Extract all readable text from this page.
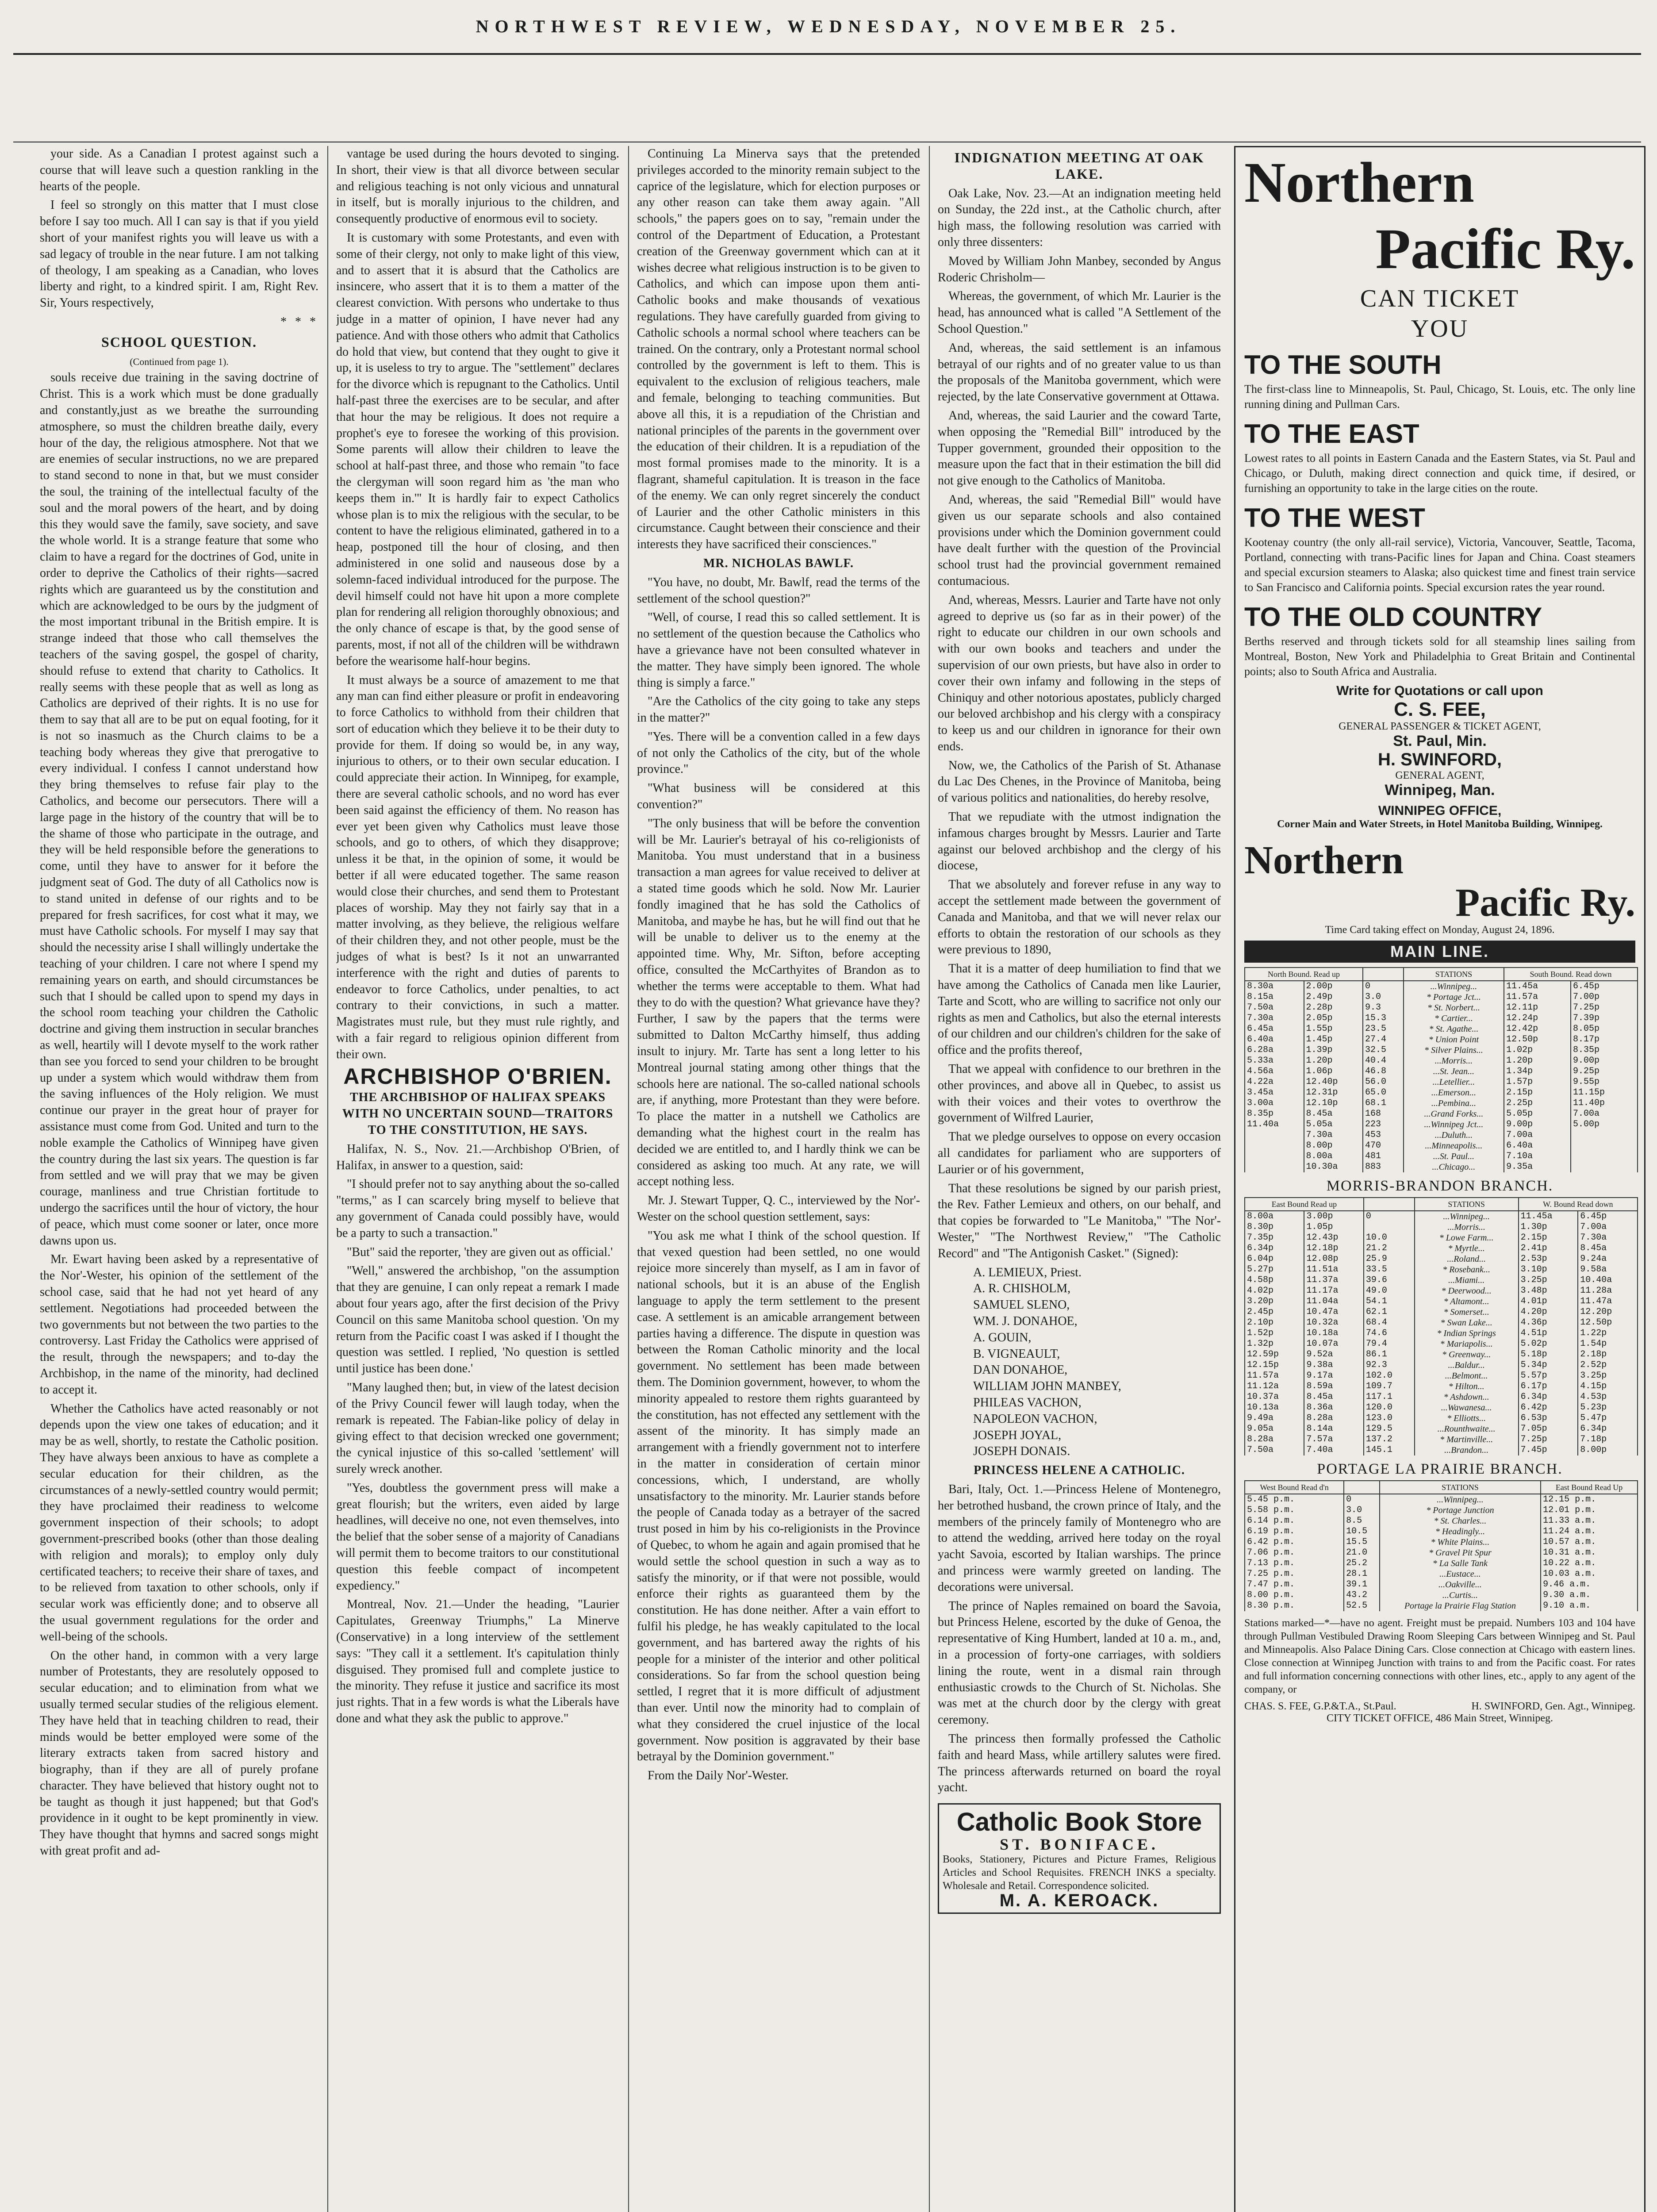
NORTHWEST REVIEW, WEDNESDAY, NOVEMBER 25.

your side. As a Canadian I protest against such a course that will leave such a question rankling in the hearts of the people.

I feel so strongly on this matter that I must close before I say too much. All I can say is that if you yield short of your manifest rights you will leave us with a sad legacy of trouble in the near future. I am not talking of theology, I am speaking as a Canadian, who loves liberty and right, to a kindred spirit. I am, Right Rev. Sir, Yours respectively,

* * *
SCHOOL QUESTION.
(Continued from page 1).

souls receive due training in the saving doctrine of Christ. This is a work which must be done gradually and constantly,just as we breathe the surrounding atmosphere, so must the children breathe daily, every hour of the day, the religious atmosphere. Not that we are enemies of secular instructions, no we are prepared to stand second to none in that, but we must consider the soul, the training of the intellectual faculty of the soul and the moral powers of the heart, and by doing this they would save the family, save society, and save the whole world. It is a strange feature that some who claim to have a regard for the doctrines of God, unite in order to deprive the Catholics of their rights—sacred rights which are guaranteed us by the constitution and which are acknowledged to be ours by the judgment of the most important tribunal in the British empire. It is strange indeed that those who call themselves the teachers of the saving gospel, the gospel of charity, should refuse to extend that charity to Catholics. It really seems with these people that as well as long as Catholics are deprived of their rights. It is no use for them to say that all are to be put on equal footing, for it is not so inasmuch as the Church claims to be a teaching body whereas they give that prerogative to every individual. I confess I cannot understand how they bring themselves to refuse fair play to the Catholics, and become our persecutors. There will a large page in the history of the country that will be to the shame of those who participate in the outrage, and they will be held responsible before the generations to come, until they have to answer for it before the judgment seat of God. The duty of all Catholics now is to stand united in defense of our rights and to be prepared for fresh sacrifices, for cost what it may, we must have Catholic schools. For myself I may say that should the necessity arise I shall willingly undertake the teaching of your children. I care not where I spend my remaining years on earth, and should circumstances be such that I should be called upon to spend my days in the school room teaching your children the Catholic doctrine and giving them instruction in secular branches as well, heartily will I devote myself to the work rather than see you forced to send your children to be brought up under a system which would withdraw them from the saving influences of the Holy religion. We must continue our prayer in the great hour of prayer for assistance must come from God. United and turn to the noble example the Catholics of Winnipeg have given the country during the last six years. The question is far from settled and we will pray that we may be given courage, manliness and true Christian fortitude to undergo the sacrifices until the hour of victory, the hour of peace, which must come sooner or later, once more dawns upon us.

Mr. Ewart having been asked by a representative of the Nor'-Wester, his opinion of the settlement of the school case, said that he had not yet heard of any settlement. Negotiations had proceeded between the two governments but not between the two parties to the controversy. Last Friday the Catholics were apprised of the result, through the newspapers; and to-day the Archbishop, in the name of the minority, had declined to accept it.

Whether the Catholics have acted reasonably or not depends upon the view one takes of education; and it may be as well, shortly, to restate the Catholic position. They have always been anxious to have as complete a secular education for their children, as the circumstances of a newly-settled country would permit; they have proclaimed their readiness to welcome government inspection of their schools; to adopt government-prescribed books (other than those dealing with religion and morals); to employ only duly certificated teachers; to receive their share of taxes, and to be relieved from taxation to other schools, only if secular work was efficiently done; and to observe all the usual government regulations for the order and well-being of the schools.

On the other hand, in common with a very large number of Protestants, they are resolutely opposed to secular education; and to elimination from what we usually termed secular studies of the religious element. They have held that in teaching children to read, their minds would be better employed were some of the literary extracts taken from sacred history and biography, than if they are all of purely profane character. They have believed that history ought not to be taught as though it just happened; but that God's providence in it ought to be kept prominently in view. They have thought that hymns and sacred songs might with great profit and ad-

vantage be used during the hours devoted to singing. In short, their view is that all divorce between secular and religious teaching is not only vicious and unnatural in itself, but is morally injurious to the children, and consequently productive of enormous evil to society.

It is customary with some Protestants, and even with some of their clergy, not only to make light of this view, and to assert that it is absurd that the Catholics are insincere, who assert that it is to them a matter of the clearest conviction. With persons who undertake to thus judge in a matter of opinion, I have never had any patience. And with those others who admit that Catholics do hold that view, but contend that they ought to give it up, it is useless to try to argue. The "settlement" declares for the divorce which is repugnant to the Catholics. Until half-past three the exercises are to be secular, and after that hour the may be religious. It does not require a prophet's eye to foresee the working of this provision. Some parents will allow their children to leave the school at half-past three, and those who remain "to face the clergyman will soon regard him as 'the man who keeps them in.'" It is hardly fair to expect Catholics whose plan is to mix the religious with the secular, to be content to have the religious eliminated, gathered in to a heap, postponed till the hour of closing, and then administered in one solid and nauseous dose by a solemn-faced individual introduced for the purpose. The devil himself could not have hit upon a more complete plan for rendering all religion thoroughly obnoxious; and the only chance of escape is that, by the good sense of parents, most, if not all of the children will be withdrawn before the wearisome half-hour begins.

It must always be a source of amazement to me that any man can find either pleasure or profit in endeavoring to force Catholics to withhold from their children that sort of education which they believe it to be their duty to provide for them. If doing so would be, in any way, injurious to others, or to their own secular education. I could appreciate their action. In Winnipeg, for example, there are several catholic schools, and no word has ever been said against the efficiency of them. No reason has ever yet been given why Catholics must leave those schools, and go to others, of which they disapprove; unless it be that, in the opinion of some, it would be better if all were educated together. The same reason would close their churches, and send them to Protestant places of worship. May they not fairly say that in a matter involving, as they believe, the religious welfare of their children they, and not other people, must be the judges of what is best? Is it not an unwarranted interference with the right and duties of parents to endeavor to force Catholics, under penalties, to act contrary to their convictions, in such a matter. Magistrates must rule, but they must rule rightly, and with a fair regard to religious opinion different from their own.

ARCHBISHOP O'BRIEN.
THE ARCHBISHOP OF HALIFAX SPEAKS WITH NO UNCERTAIN SOUND—TRAITORS TO THE CONSTITUTION, HE SAYS.

Halifax, N. S., Nov. 21.—Archbishop O'Brien, of Halifax, in answer to a question, said:

"I should prefer not to say anything about the so-called "terms," as I can scarcely bring myself to believe that any government of Canada could possibly have, would be a party to such a transaction."

"But" said the reporter, 'they are given out as official.'

"Well," answered the archbishop, "on the assumption that they are genuine, I can only repeat a remark I made about four years ago, after the first decision of the Privy Council on this same Manitoba school question. 'On my return from the Pacific coast I was asked if I thought the question was settled. I replied, 'No question is settled until justice has been done.'

"Many laughed then; but, in view of the latest decision of the Privy Council fewer will laugh today, when the remark is repeated. The Fabian-like policy of delay in giving effect to that decision wrecked one government; the cynical injustice of this so-called 'settlement' will surely wreck another.

"Yes, doubtless the government press will make a great flourish; but the writers, even aided by large headlines, will deceive no one, not even themselves, into the belief that the sober sense of a majority of Canadians will permit them to become traitors to our constitutional question this feeble compact of incompetent expediency."

Montreal, Nov. 21.—Under the heading, "Laurier Capitulates, Greenway Triumphs," La Minerve (Conservative) in a long interview of the settlement says: "They call it a settlement. It's capitulation thinly disguised. They promised full and complete justice to the minority. They refuse it justice and sacrifice its most just rights. That in a few words is what the Liberals have done and what they ask the public to approve."

Continuing La Minerva says that the pretended privileges accorded to the minority remain subject to the caprice of the legislature, which for election purposes or any other reason can take them away again. "All schools," the papers goes on to say, "remain under the control of the Department of Education, a Protestant creation of the Greenway government which can at it wishes decree what religious instruction is to be given to Catholics, and which can impose upon them anti-Catholic books and make thousands of vexatious regulations. They have carefully guarded from giving to Catholic schools a normal school where teachers can be trained. On the contrary, only a Protestant normal school controlled by the government is left to them. This is equivalent to the exclusion of religious teachers, male and female, belonging to teaching communities. But above all this, it is a repudiation of the Christian and national principles of the parents in the government over the education of their children. It is a repudiation of the most formal promises made to the minority. It is a flagrant, shameful capitulation. It is treason in the face of the enemy. We can only regret sincerely the conduct of Laurier and the other Catholic ministers in this circumstance. Caught between their conscience and their interests they have sacrificed their consciences."

MR. NICHOLAS BAWLF.

"You have, no doubt, Mr. Bawlf, read the terms of the settlement of the school question?"

"Well, of course, I read this so called settlement. It is no settlement of the question because the Catholics who have a grievance have not been consulted whatever in the matter. They have simply been ignored. The whole thing is simply a farce."

"Are the Catholics of the city going to take any steps in the matter?"

"Yes. There will be a convention called in a few days of not only the Catholics of the city, but of the whole province."

"What business will be considered at this convention?"

"The only business that will be before the convention will be Mr. Laurier's betrayal of his co-religionists of Manitoba. You must understand that in a business transaction a man agrees for value received to deliver at a stated time goods which he sold. Now Mr. Laurier fondly imagined that he has sold the Catholics of Manitoba, and maybe he has, but he will find out that he will be unable to deliver us to the enemy at the appointed time. Why, Mr. Sifton, before accepting office, consulted the McCarthyites of Brandon as to whether the terms were acceptable to them. What had they to do with the question? What grievance have they? Further, I saw by the papers that the terms were submitted to Dalton McCarthy himself, thus adding insult to injury. Mr. Tarte has sent a long letter to his Montreal journal stating among other things that the schools here are national. The so-called national schools are, if anything, more Protestant than they were before. To place the matter in a nutshell we Catholics are demanding what the highest court in the realm has decided we are entitled to, and I hardly think we can be considered as asking too much. At any rate, we will accept nothing less.

Mr. J. Stewart Tupper, Q. C., interviewed by the Nor'-Wester on the school question settlement, says:

"You ask me what I think of the school question. If that vexed question had been settled, no one would rejoice more sincerely than myself, as I am in favor of national schools, but it is an abuse of the English language to apply the term settlement to the present case. A settlement is an amicable arrangement between parties having a difference. The dispute in question was between the Roman Catholic minority and the local government. No settlement has been made between them. The Dominion government, however, to whom the minority appealed to restore them rights guaranteed by the constitution, has not effected any settlement with the assent of the minority. It has simply made an arrangement with a friendly government not to interfere in the matter in consideration of certain minor concessions, which, I understand, are wholly unsatisfactory to the minority. Mr. Laurier stands before the people of Canada today as a betrayer of the sacred trust posed in him by his co-religionists in the Province of Quebec, to whom he again and again promised that he would settle the school question in such a way as to satisfy the minority, or if that were not possible, would enforce their rights as guaranteed them by the constitution. He has done neither. After a vain effort to fulfil his pledge, he has weakly capitulated to the local government, and has bartered away the rights of his people for a minister of the interior and other political considerations. So far from the school question being settled, I regret that it is more difficult of adjustment than ever. Until now the minority had to complain of what they considered the cruel injustice of the local government. Now position is aggravated by their base betrayal by the Dominion government."

From the Daily Nor'-Wester.

INDIGNATION MEETING AT OAK LAKE.

Oak Lake, Nov. 23.—At an indignation meeting held on Sunday, the 22d inst., at the Catholic church, after high mass, the following resolution was carried with only three dissenters:

Moved by William John Manbey, seconded by Angus Roderic Chrisholm—

Whereas, the government, of which Mr. Laurier is the head, has announced what is called "A Settlement of the School Question."

And, whereas, the said settlement is an infamous betrayal of our rights and of no greater value to us than the proposals of the Manitoba government, which were rejected, by the late Conservative government at Ottawa.

And, whereas, the said Laurier and the coward Tarte, when opposing the "Remedial Bill" introduced by the Tupper government, grounded their opposition to the measure upon the fact that in their estimation the bill did not give enough to the Catholics of Manitoba.

And, whereas, the said "Remedial Bill" would have given us our separate schools and also contained provisions under which the Dominion government could have dealt further with the question of the Provincial school trust had the provincial government remained contumacious.

And, whereas, Messrs. Laurier and Tarte have not only agreed to deprive us (so far as in their power) of the right to educate our children in our own schools and with our own books and teachers and under the supervision of our own priests, but have also in order to cover their own infamy and following in the steps of Chiniquy and other notorious apostates, publicly charged our beloved archbishop and his clergy with a conspiracy to keep us and our children in ignorance for their own ends.

Now, we, the Catholics of the Parish of St. Athanase du Lac Des Chenes, in the Province of Manitoba, being of various politics and nationalities, do hereby resolve,

That we repudiate with the utmost indignation the infamous charges brought by Messrs. Laurier and Tarte against our beloved archbishop and the clergy of his diocese,

That we absolutely and forever refuse in any way to accept the settlement made between the government of Canada and Manitoba, and that we will never relax our efforts to obtain the restoration of our schools as they were previous to 1890,

That it is a matter of deep humiliation to find that we have among the Catholics of Canada men like Laurier, Tarte and Scott, who are willing to sacrifice not only our rights as men and Catholics, but also the eternal interests of our children and our children's children for the sake of office and the profits thereof,

That we appeal with confidence to our brethren in the other provinces, and above all in Quebec, to assist us with their voices and their votes to overthrow the government of Wilfred Laurier,

That we pledge ourselves to oppose on every occasion all candidates for parliament who are supporters of Laurier or of his government,

That these resolutions be signed by our parish priest, the Rev. Father Lemieux and others, on our behalf, and that copies be forwarded to "Le Manitoba," "The Nor'-Wester," "The Northwest Review," "The Catholic Record" and "The Antigonish Casket." (Signed):

A. LEMIEUX, Priest.
A. R. CHISHOLM,
SAMUEL SLENO,
WM. J. DONAHOE,
A. GOUIN,
B. VIGNEAULT,
DAN DONAHOE,
WILLIAM JOHN MANBEY,
PHILEAS VACHON,
NAPOLEON VACHON,
JOSEPH JOYAL,
JOSEPH DONAIS.
PRINCESS HELENE A CATHOLIC.

Bari, Italy, Oct. 1.—Princess Helene of Montenegro, her betrothed husband, the crown prince of Italy, and the members of the princely family of Montenegro who are to attend the wedding, arrived here today on the royal yacht Savoia, escorted by Italian warships. The prince and princess were warmly greeted on landing. The decorations were universal.

The prince of Naples remained on board the Savoia, but Princess Helene, escorted by the duke of Genoa, the representative of King Humbert, landed at 10 a. m., and, in a procession of forty-one carriages, with soldiers lining the route, went in a dismal rain through enthusiastic crowds to the Church of St. Nicholas. She was met at the church door by the clergy with great ceremony.

The princess then formally professed the Catholic faith and heard Mass, while artillery salutes were fired. The princess afterwards returned on board the royal yacht.

Catholic Book Store
ST. BONIFACE.
Books, Stationery, Pictures and Picture Frames, Religious Articles and School Requisites. FRENCH INKS a specialty. Wholesale and Retail. Correspondence solicited.
M. A. KEROACK.
Northern
Pacific Ry.
CAN TICKET
YOU
TO THE SOUTH
The first-class line to Minneapolis, St. Paul, Chicago, St. Louis, etc. The only line running dining and Pullman Cars.
TO THE EAST
Lowest rates to all points in Eastern Canada and the Eastern States, via St. Paul and Chicago, or Duluth, making direct connection and quick time, if desired, or furnishing an opportunity to take in the large cities on the route.
TO THE WEST
Kootenay country (the only all-rail service), Victoria, Vancouver, Seattle, Tacoma, Portland, connecting with trans-Pacific lines for Japan and China. Coast steamers and special excursion steamers to Alaska; also quickest time and finest train service to San Francisco and California points. Special excursion rates the year round.
TO THE OLD COUNTRY
Berths reserved and through tickets sold for all steamship lines sailing from Montreal, Boston, New York and Philadelphia to Great Britain and Continental points; also to South Africa and Australia.
Write for Quotations or call upon
C. S. FEE,
GENERAL PASSENGER & TICKET AGENT,
St. Paul, Min.
H. SWINFORD,
GENERAL AGENT,
Winnipeg, Man.
WINNIPEG OFFICE,
Corner Main and Water Streets, in Hotel Manitoba Building, Winnipeg.
Northern
Pacific Ry.
Time Card taking effect on Monday, August 24, 1896.
MAIN LINE.
North Bound. Read up			STATIONS	South Bound. Read down	
8.30a	2.00p	0	...Winnipeg...	11.45a	6.45p
8.15a	2.49p	3.0	* Portage Jct...	11.57a	7.00p
7.50a	2.28p	9.3	* St. Norbert...	12.11p	7.25p
7.30a	2.05p	15.3	* Cartier...	12.24p	7.39p
6.45a	1.55p	23.5	* St. Agathe...	12.42p	8.05p
6.40a	1.45p	27.4	* Union Point	12.50p	8.17p
6.28a	1.39p	32.5	* Silver Plains...	1.02p	8.35p
5.33a	1.20p	40.4	...Morris...	1.20p	9.00p
4.56a	1.06p	46.8	...St. Jean...	1.34p	9.25p
4.22a	12.40p	56.0	...Letellier...	1.57p	9.55p
3.45a	12.31p	65.0	...Emerson...	2.15p	11.15p
3.00a	12.10p	68.1	...Pembina...	2.25p	11.40p
8.35p	8.45a	168	...Grand Forks...	5.05p	7.00a
11.40a	5.05a	223	...Winnipeg Jct...	9.00p	5.00p
	7.30a	453	...Duluth...	7.00a	
	8.00p	470	...Minneapolis...	6.40a	
	8.00a	481	...St. Paul...	7.10a	
	10.30a	883	...Chicago...	9.35a	
MORRIS-BRANDON BRANCH.
East Bound Read up			STATIONS	W. Bound Read down	
8.00a	3.00p	0	...Winnipeg...	11.45a	6.45p
8.30p	1.05p		...Morris...	1.30p	7.00a
7.35p	12.43p	10.0	* Lowe Farm...	2.15p	7.30a
6.34p	12.18p	21.2	* Myrtle...	2.41p	8.45a
6.04p	12.08p	25.9	...Roland...	2.53p	9.24a
5.27p	11.51a	33.5	* Rosebank...	3.10p	9.58a
4.58p	11.37a	39.6	...Miami...	3.25p	10.40a
4.02p	11.17a	49.0	* Deerwood...	3.48p	11.28a
3.20p	11.04a	54.1	* Altamont...	4.01p	11.47a
2.45p	10.47a	62.1	* Somerset...	4.20p	12.20p
2.10p	10.32a	68.4	* Swan Lake...	4.36p	12.50p
1.52p	10.18a	74.6	* Indian Springs	4.51p	1.22p
1.32p	10.07a	79.4	* Mariapolis...	5.02p	1.54p
12.59p	9.52a	86.1	* Greenway...	5.18p	2.18p
12.15p	9.38a	92.3	...Baldur...	5.34p	2.52p
11.57a	9.17a	102.0	...Belmont...	5.57p	3.25p
11.12a	8.59a	109.7	* Hilton...	6.17p	4.15p
10.37a	8.45a	117.1	* Ashdown...	6.34p	4.53p
10.13a	8.36a	120.0	...Wawanesa...	6.42p	5.23p
9.49a	8.28a	123.0	* Elliotts...	6.53p	5.47p
9.05a	8.14a	129.5	...Rounthwaite...	7.05p	6.34p
8.28a	7.57a	137.2	* Martinville...	7.25p	7.18p
7.50a	7.40a	145.1	...Brandon...	7.45p	8.00p
PORTAGE LA PRAIRIE BRANCH.
West Bound Read d'n		STATIONS	East Bound Read Up
5.45 p.m.	0	...Winnipeg...	12.15 p.m.
5.58 p.m.	3.0	* Portage Junction	12.01 p.m.
6.14 p.m.	8.5	* St. Charles...	11.33 a.m.
6.19 p.m.	10.5	* Headingly...	11.24 a.m.
6.42 p.m.	15.5	* White Plains...	10.57 a.m.
7.06 p.m.	21.0	* Gravel Pit Spur	10.31 a.m.
7.13 p.m.	25.2	* La Salle Tank	10.22 a.m.
7.25 p.m.	28.1	...Eustace...	10.03 a.m.
7.47 p.m.	39.1	...Oakville...	9.46 a.m.
8.00 p.m.	43.2	...Curtis...	9.30 a.m.
8.30 p.m.	52.5	Portage la Prairie Flag Station	9.10 a.m.
Stations marked—*—have no agent. Freight must be prepaid. Numbers 103 and 104 have through Pullman Vestibuled Drawing Room Sleeping Cars between Winnipeg and St. Paul and Minneapolis. Also Palace Dining Cars. Close connection at Chicago with eastern lines. Close connection at Winnipeg Junction with trains to and from the Pacific coast. For rates and full information concerning connections with other lines, etc., apply to any agent of the company, or
CHAS. S. FEE, G.P.&T.A., St.Paul.	H. SWINFORD, Gen. Agt., Winnipeg.
CITY TICKET OFFICE, 486 Main Street, Winnipeg.
